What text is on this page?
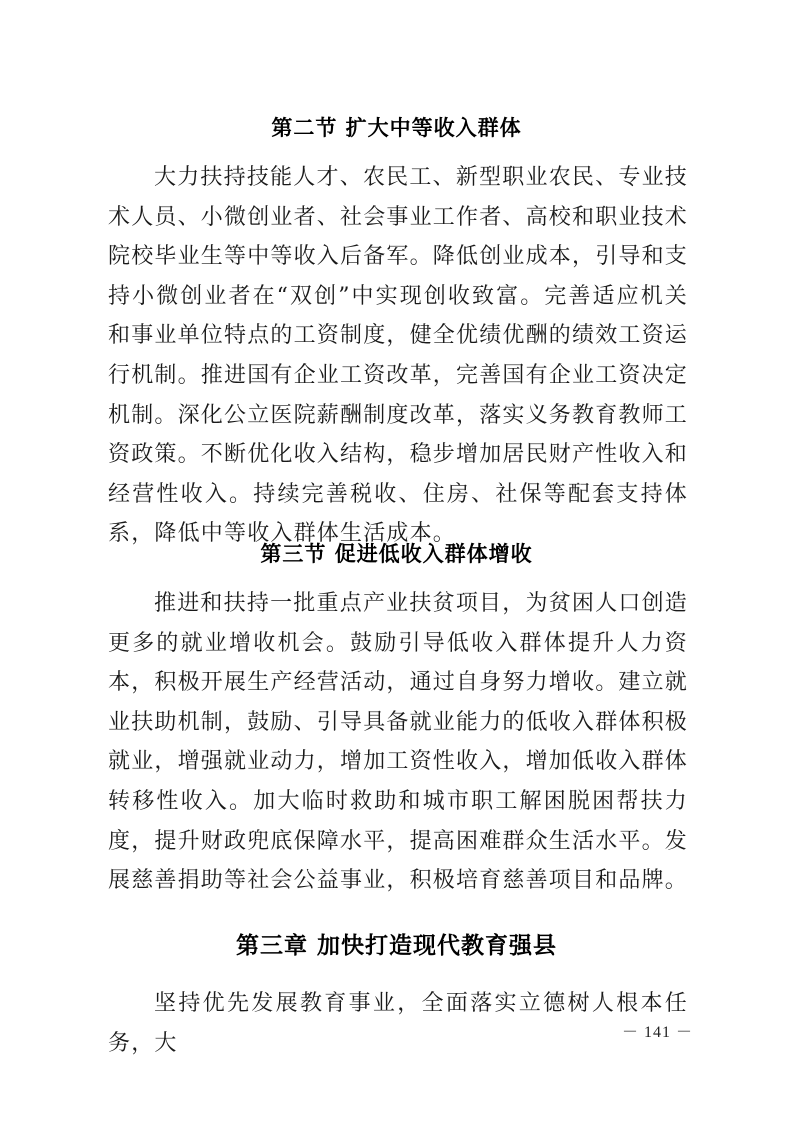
第二节 扩大中等收入群体

大力扶持技能人才、农民工、新型职业农民、专业技术人员、小微创业者、社会事业工作者、高校和职业技术院校毕业生等中等收入后备军。降低创业成本，引导和支持小微创业者在“双创”中实现创收致富。完善适应机关和事业单位特点的工资制度，健全优绩优酬的绩效工资运行机制。推进国有企业工资改革，完善国有企业工资决定机制。深化公立医院薪酬制度改革，落实义务教育教师工资政策。不断优化收入结构，稳步增加居民财产性收入和经营性收入。持续完善税收、住房、社保等配套支持体系，降低中等收入群体生活成本。

第三节 促进低收入群体增收

推进和扶持一批重点产业扶贫项目，为贫困人口创造更多的就业增收机会。鼓励引导低收入群体提升人力资本，积极开展生产经营活动，通过自身努力增收。建立就业扶助机制，鼓励、引导具备就业能力的低收入群体积极就业，增强就业动力，增加工资性收入，增加低收入群体转移性收入。加大临时救助和城市职工解困脱困帮扶力度，提升财政兜底保障水平，提高困难群众生活水平。发展慈善捐助等社会公益事业，积极培育慈善项目和品牌。

第三章 加快打造现代教育强县

坚持优先发展教育事业，全面落实立德树人根本任务，大	－ 141 －
